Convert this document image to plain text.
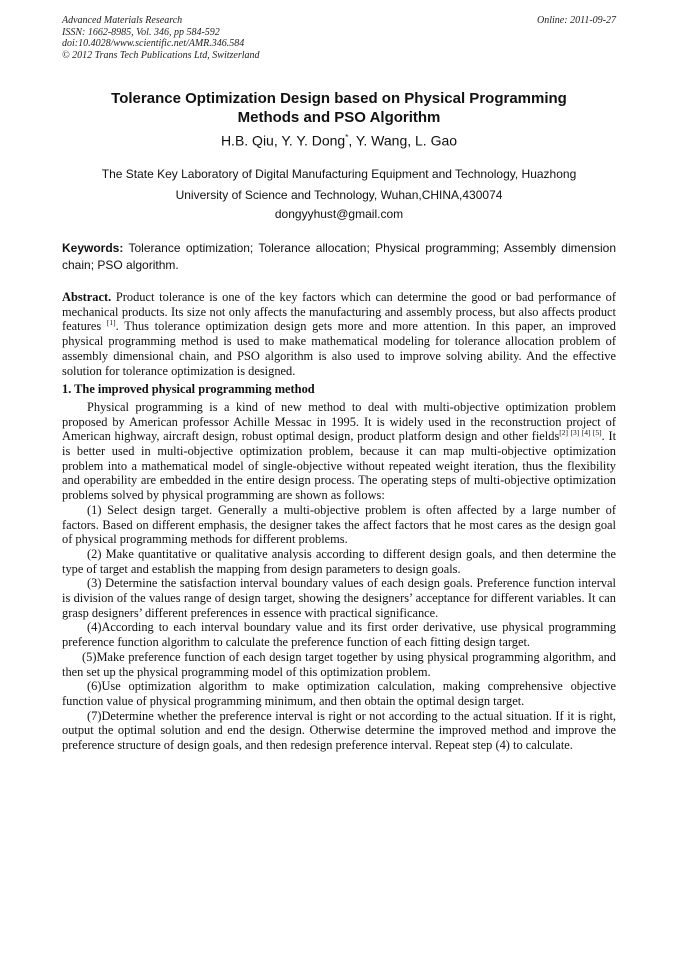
Advanced Materials Research
ISSN: 1662-8985, Vol. 346, pp 584-592
doi:10.4028/www.scientific.net/AMR.346.584
© 2012 Trans Tech Publications Ltd, Switzerland
Online: 2011-09-27
Tolerance Optimization Design based on Physical Programming
Methods and PSO Algorithm
H.B. Qiu, Y. Y. Dong*, Y. Wang, L. Gao
The State Key Laboratory of Digital Manufacturing Equipment and Technology, Huazhong
University of Science and Technology, Wuhan,CHINA,430074
dongyyhust@gmail.com
Keywords: Tolerance optimization; Tolerance allocation; Physical programming; Assembly dimension chain; PSO algorithm.

Abstract. Product tolerance is one of the key factors which can determine the good or bad performance of mechanical products. Its size not only affects the manufacturing and assembly process, but also affects product features [1]. Thus tolerance optimization design gets more and more attention. In this paper, an improved physical programming method is used to make mathematical modeling for tolerance allocation problem of assembly dimensional chain, and PSO algorithm is also used to improve solving ability. And the effective solution for tolerance optimization is designed.

1. The improved physical programming method

Physical programming is a kind of new method to deal with multi-objective optimization problem proposed by American professor Achille Messac in 1995. It is widely used in the reconstruction project of American highway, aircraft design, robust optimal design, product platform design and other fields[2] [3] [4] [5]. It is better used in multi-objective optimization problem, because it can map multi-objective optimization problem into a mathematical model of single-objective without repeated weight iteration, thus the flexibility and operability are embedded in the entire design process. The operating steps of multi-objective optimization problems solved by physical programming are shown as follows:

(1) Select design target. Generally a multi-objective problem is often affected by a large number of factors. Based on different emphasis, the designer takes the affect factors that he most cares as the design goal of physical programming methods for different problems.

(2) Make quantitative or qualitative analysis according to different design goals, and then determine the type of target and establish the mapping from design parameters to design goals.

(3) Determine the satisfaction interval boundary values of each design goals. Preference function interval is division of the values range of design target, showing the designers’ acceptance for different variables. It can grasp designers’ different preferences in essence with practical significance.

(4)According to each interval boundary value and its first order derivative, use physical programming preference function algorithm to calculate the preference function of each fitting design target.

(5)Make preference function of each design target together by using physical programming algorithm, and then set up the physical programming model of this optimization problem.

(6)Use optimization algorithm to make optimization calculation, making comprehensive objective function value of physical programming minimum, and then obtain the optimal design target.

(7)Determine whether the preference interval is right or not according to the actual situation. If it is right, output the optimal solution and end the design. Otherwise determine the improved method and improve the preference structure of design goals, and then redesign preference interval. Repeat step (4) to calculate.
